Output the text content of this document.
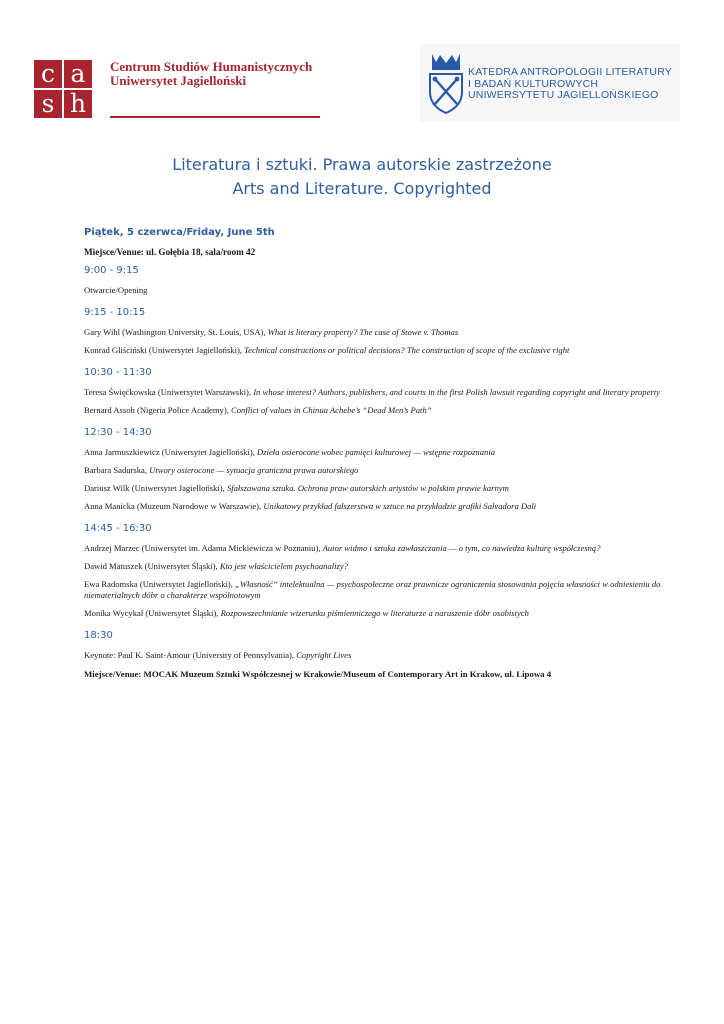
c a
s h
Centrum Studiów Humanistycznych
Uniwersytet Jagielloński
KATEDRA ANTROPOLOGII LITERATURY
I BADAŃ KULTUROWYCH
UNIWERSYTETU JAGIELLOŃSKIEGO
Literatura i sztuki. Prawa autorskie zastrzeżone
Arts and Literature. Copyrighted
Piątek, 5 czerwca/Friday, June 5th
Miejsce/Venue: ul. Gołębia 18, sala/room 42
9:00 - 9:15
Otwarcie/Opening
9:15 - 10:15
Gary Wihl (Washington University, St. Louis, USA), What is literary property? The case of Stowe v. Thomas
Konrad Gliściński (Uniwersytet Jagielloński), Technical constructions or political decisions? The construction of scope of the exclusive right
10:30 - 11:30
Teresa Święćkowska (Uniwersytet Warszawski), In whose interest? Authors, publishers, and courts in the first Polish lawsuit regarding copyright and literary property
Bernard Assoh (Nigeria Police Academy), Conflict of values in Chinua Achebe’s “Dead Men’s Path”
12:30 - 14:30
Anna Jarmuszkiewicz (Uniwersytet Jagielloński), Dzieła osierocone wobec pamięci kulturowej — wstępne rozpoznania
Barbara Sadurska, Utwory osierocone — sytuacja graniczna prawa autorskiego
Dariusz Wilk (Uniwersytet Jagielloński), Sfałszowana sztuka. Ochrona praw autorskich artystów w polskim prawie karnym
Anna Manicka (Muzeum Narodowe w Warszawie), Unikatowy przykład fałszerstwa w sztuce na przykładzie grafiki Salvadora Dali
14:45 - 16:30
Andrzej Marzec (Uniwersytet im. Adama Mickiewicza w Poznaniu), Autor widmo i sztuka zawłaszczania — o tym, co nawiedza kulturę współczesną?
Dawid Matuszek (Uniwersytet Śląski), Kto jest właścicielem psychoanalizy?
Ewa Radomska (Uniwersytet Jagielloński), „Własność” intelektualna — psychospołeczne oraz prawnicze ograniczenia stosowania pojęcia własności w odniesieniu do niematerialnych dóbr o charakterze wspólnotowym
Monika Wycykał (Uniwersytet Śląski), Rozpowszechnianie wizerunku piśmienniczego w literaturze a naruszenie dóbr osobistych
18:30
Keynote: Paul K. Saint-Amour (University of Pennsylvania), Copyright Lives
Miejsce/Venue: MOCAK Muzeum Sztuki Współczesnej w Krakowie/Museum of Contemporary Art in Krakow, ul. Lipowa 4
